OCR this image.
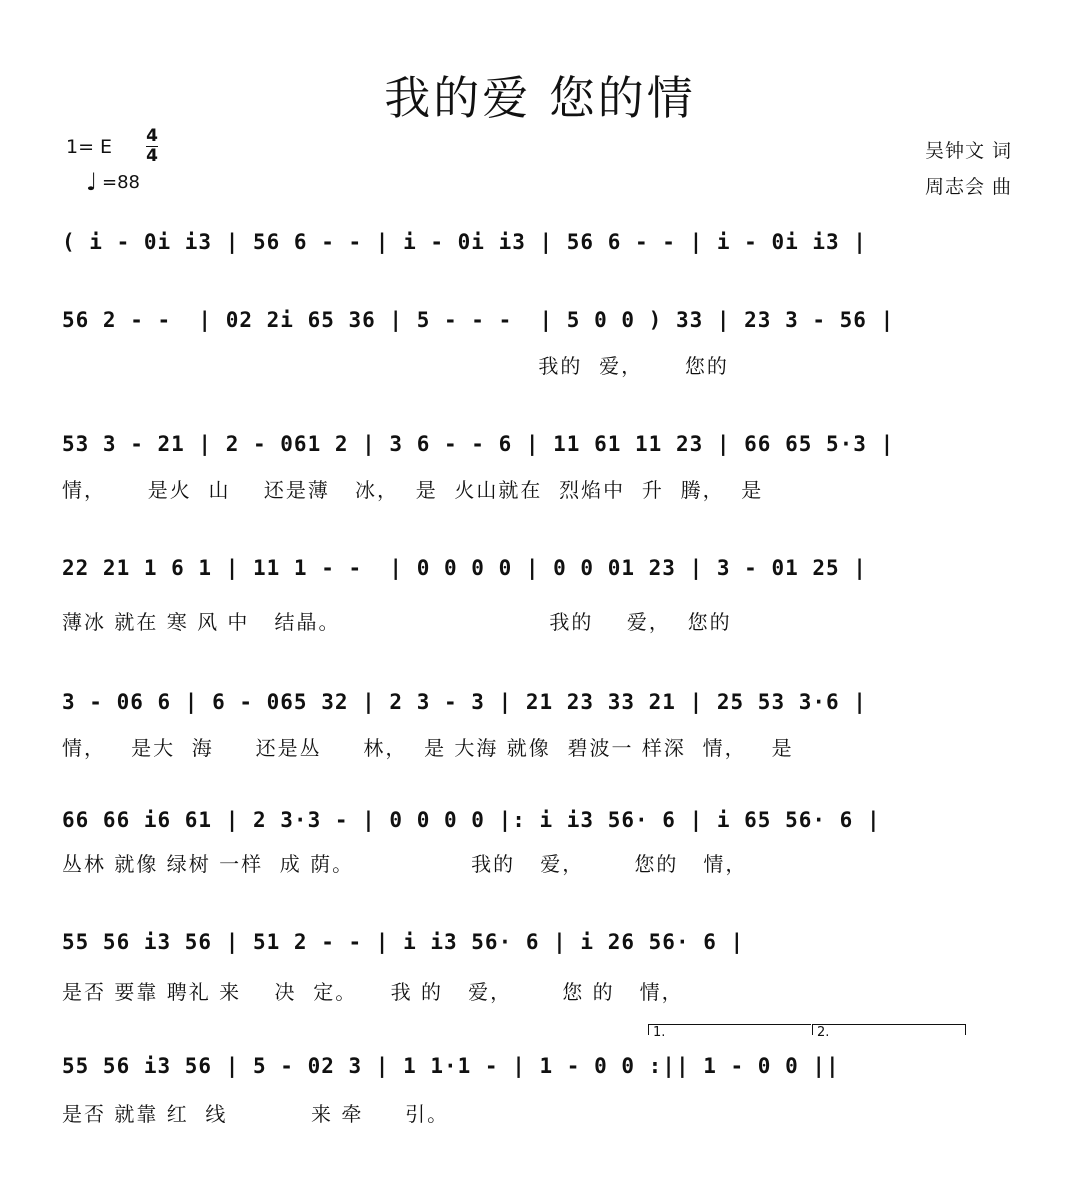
我的爱 您的情
1= E 4
4
♩ =88
吴钟文 词
周志会 曲
( i - 0i i3 | 56 6 - - | i - 0i i3 | 56 6 - - | i - 0i i3 |
56 2 - -  | 02 2i 65 36 | 5 - - -  | 5 0 0 ) 33 | 23 3 - 56 |
我的  爱，     您的
53 3 - 21 | 2 - 061 2 | 3 6 - - 6 | 11 61 11 23 | 66 65 5·3 |
情，     是火  山    还是薄   冰，  是  火山就在  烈焰中  升  腾，  是
22 21 1 6 1 | 11 1 - -  | 0 0 0 0 | 0 0 01 23 | 3 - 01 25 |
薄冰 就在 寒 风 中   结晶。                         我的    爱，  您的
3 - 06 6 | 6 - 065 32 | 2 3 - 3 | 21 23 33 21 | 25 53 3·6 |
情，   是大  海     还是丛     林，  是 大海 就像  碧波一 样深  情，   是
66 66 i6 61 | 2 3·3 - | 0 0 0 0 |: i i3 56· 6 | i 65 56· 6 |
丛林 就像 绿树 一样  成 荫。              我的   爱，      您的   情，
55 56 i3 56 | 51 2 - - | i i3 56· 6 | i 26 56· 6 |
是否 要靠 聘礼 来    决  定。    我 的   爱，      您 的   情，
1.	2.
55 56 i3 56 | 5 - 02 3 | 1 1·1 - | 1 - 0 0 :|| 1 - 0 0 ||
是否 就靠 红  线          来 牵     引。
